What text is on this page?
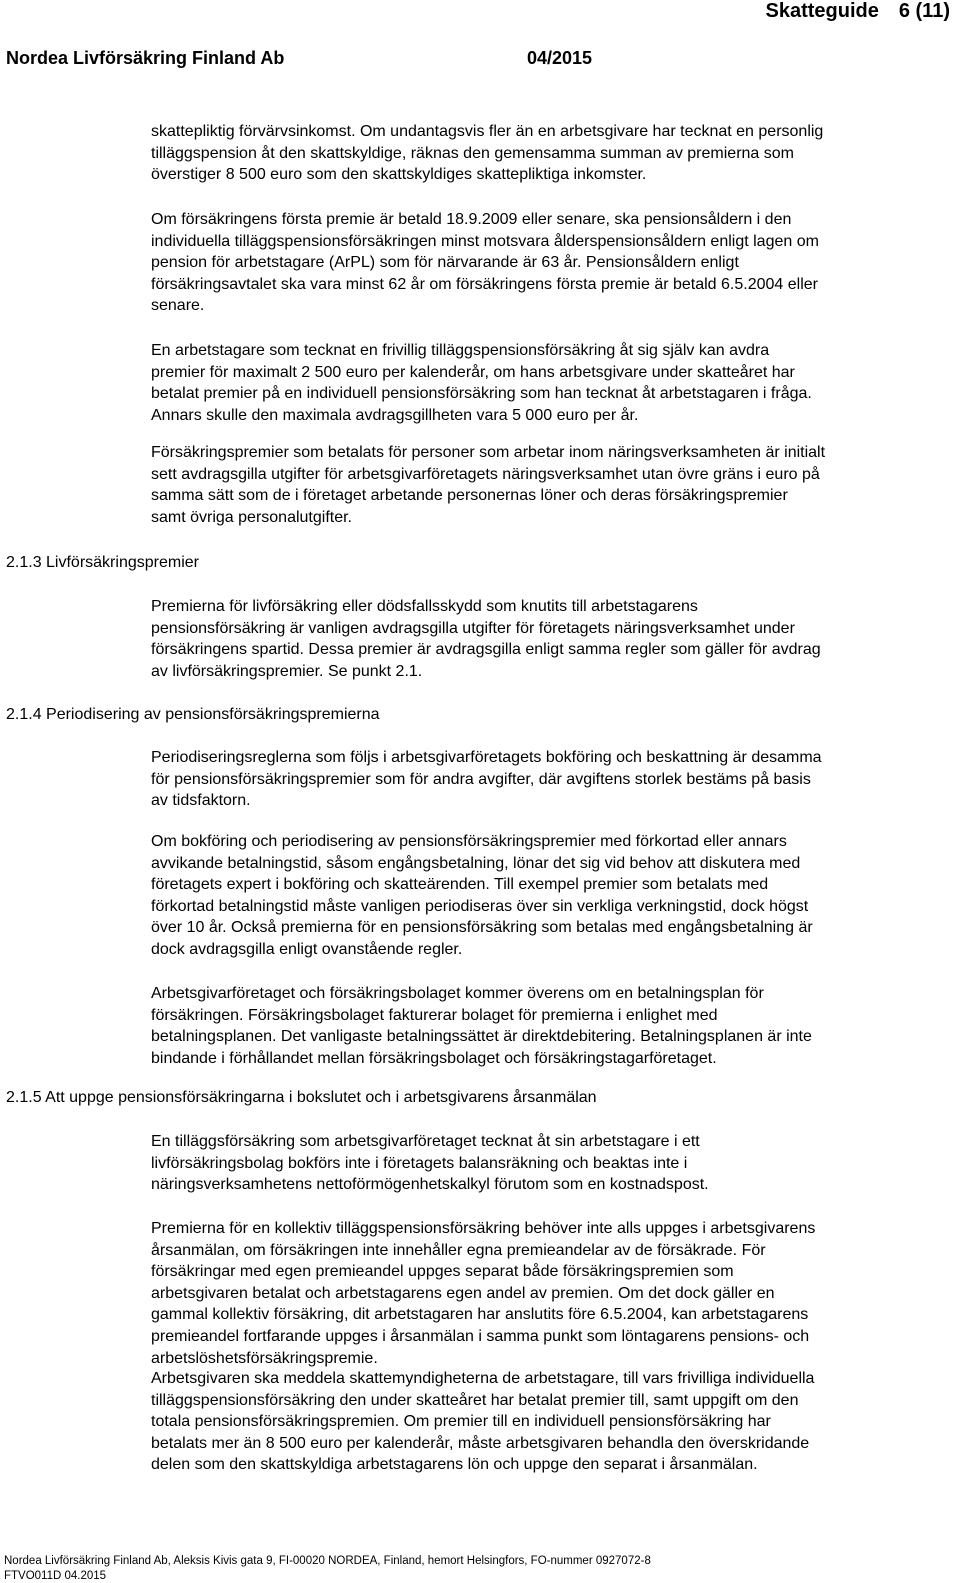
Skatteguide 6 (11)
Nordea Livförsäkring Finland Ab	04/2015

skattepliktig förvärvsinkomst. Om undantagsvis fler än en arbetsgivare har tecknat en personlig
tilläggspension åt den skattskyldige, räknas den gemensamma summan av premierna som
överstiger 8 500 euro som den skattskyldiges skattepliktiga inkomster.

Om försäkringens första premie är betald 18.9.2009 eller senare, ska pensionsåldern i den
individuella tilläggspensionsförsäkringen minst motsvara ålderspensionsåldern enligt lagen om
pension för arbetstagare (ArPL) som för närvarande är 63 år. Pensionsåldern enligt
försäkringsavtalet ska vara minst 62 år om försäkringens första premie är betald 6.5.2004 eller
senare.

En arbetstagare som tecknat en frivillig tilläggspensionsförsäkring åt sig själv kan avdra
premier för maximalt 2 500 euro per kalenderår, om hans arbetsgivare under skatteåret har
betalat premier på en individuell pensionsförsäkring som han tecknat åt arbetstagaren i fråga.
Annars skulle den maximala avdragsgillheten vara 5 000 euro per år.

Försäkringspremier som betalats för personer som arbetar inom näringsverksamheten är initialt
sett avdragsgilla utgifter för arbetsgivarföretagets näringsverksamhet utan övre gräns i euro på
samma sätt som de i företaget arbetande personernas löner och deras försäkringspremier
samt övriga personalutgifter.

2.1.3 Livförsäkringspremier

Premierna för livförsäkring eller dödsfallsskydd som knutits till arbetstagarens
pensionsförsäkring är vanligen avdragsgilla utgifter för företagets näringsverksamhet under
försäkringens spartid. Dessa premier är avdragsgilla enligt samma regler som gäller för avdrag
av livförsäkringspremier. Se punkt 2.1.

2.1.4 Periodisering av pensionsförsäkringspremierna

Periodiseringsreglerna som följs i arbetsgivarföretagets bokföring och beskattning är desamma
för pensionsförsäkringspremier som för andra avgifter, där avgiftens storlek bestäms på basis
av tidsfaktorn.

Om bokföring och periodisering av pensionsförsäkringspremier med förkortad eller annars
avvikande betalningstid, såsom engångsbetalning, lönar det sig vid behov att diskutera med
företagets expert i bokföring och skatteärenden. Till exempel premier som betalats med
förkortad betalningstid måste vanligen periodiseras över sin verkliga verkningstid, dock högst
över 10 år. Också premierna för en pensionsförsäkring som betalas med engångsbetalning är
dock avdragsgilla enligt ovanstående regler.

Arbetsgivarföretaget och försäkringsbolaget kommer överens om en betalningsplan för
försäkringen. Försäkringsbolaget fakturerar bolaget för premierna i enlighet med
betalningsplanen. Det vanligaste betalningssättet är direktdebitering. Betalningsplanen är inte
bindande i förhållandet mellan försäkringsbolaget och försäkringstagarföretaget.

2.1.5 Att uppge pensionsförsäkringarna i bokslutet och i arbetsgivarens årsanmälan

En tilläggsförsäkring som arbetsgivarföretaget tecknat åt sin arbetstagare i ett
livförsäkringsbolag bokförs inte i företagets balansräkning och beaktas inte i
näringsverksamhetens nettoförmögenhetskalkyl förutom som en kostnadspost.

Premierna för en kollektiv tilläggspensionsförsäkring behöver inte alls uppges i arbetsgivarens
årsanmälan, om försäkringen inte innehåller egna premieandelar av de försäkrade. För
försäkringar med egen premieandel uppges separat både försäkringspremien som
arbetsgivaren betalat och arbetstagarens egen andel av premien. Om det dock gäller en
gammal kollektiv försäkring, dit arbetstagaren har anslutits före 6.5.2004, kan arbetstagarens
premieandel fortfarande uppges i årsanmälan i samma punkt som löntagarens pensions- och
arbetslöshetsförsäkringspremie.

Arbetsgivaren ska meddela skattemyndigheterna de arbetstagare, till vars frivilliga individuella
tilläggspensionsförsäkring den under skatteåret har betalat premier till, samt uppgift om den
totala pensionsförsäkringspremien. Om premier till en individuell pensionsförsäkring har
betalats mer än 8 500 euro per kalenderår, måste arbetsgivaren behandla den överskridande
delen som den skattskyldiga arbetstagarens lön och uppge den separat i årsanmälan.

Nordea Livförsäkring Finland Ab, Aleksis Kivis gata 9, FI-00020 NORDEA, Finland, hemort Helsingfors, FO-nummer 0927072-8
FTVO011D 04.2015
